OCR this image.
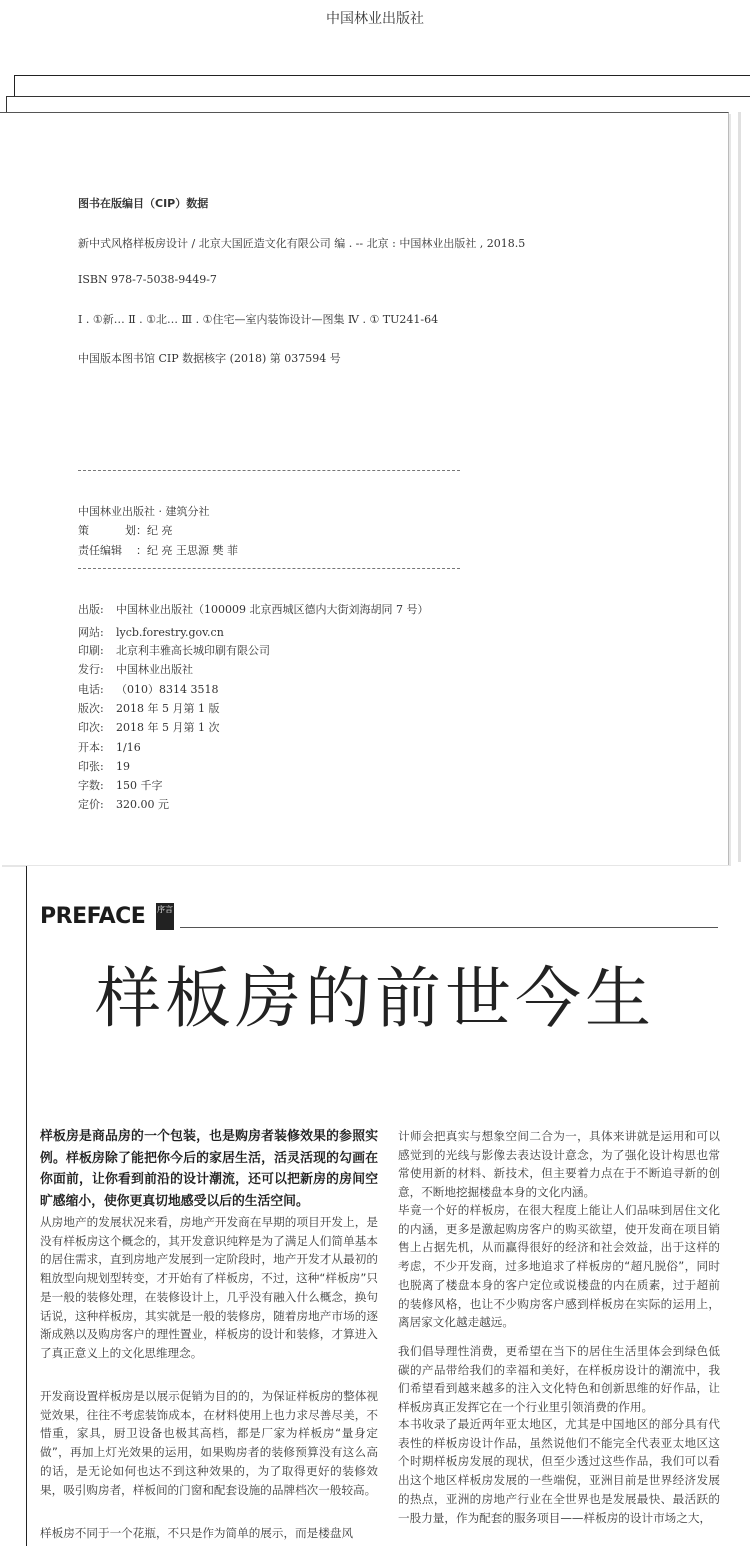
中国林业出版社
图书在版编目（CIP）数据
新中式风格样板房设计 / 北京大国匠造文化有限公司 编 . -- 北京 : 中国林业出版社 , 2018.5
ISBN 978-7-5038-9449-7
Ⅰ . ①新… Ⅱ . ①北… Ⅲ . ①住宅—室内装饰设计—图集 Ⅳ . ① TU241-64
中国版本图书馆 CIP 数据核字 (2018) 第 037594 号
中国林业出版社 · 建筑分社
策 划：纪 亮
责任编辑 ：纪 亮 王思源 樊 菲
出版: 中国林业出版社（100009 北京西城区德内大街刘海胡同 7 号）
网站: lycb.forestry.gov.cn
印刷: 北京利丰雅高长城印刷有限公司
发行: 中国林业出版社
电话: （010）8314 3518
版次: 2018 年 5 月第 1 版
印次: 2018 年 5 月第 1 次
开本: 1/16
印张: 19
字数: 150 千字
定价: 320.00 元
PREFACE 序言
样板房的前世今生
样板房是商品房的一个包装，也是购房者装修效果的参照实例。样板房除了能把你今后的家居生活，活灵活现的勾画在你面前，让你看到前沿的设计潮流，还可以把新房的房间空旷感缩小，使你更真切地感受以后的生活空间。
从房地产的发展状况来看，房地产开发商在早期的项目开发上，是没有样板房这个概念的，其开发意识纯粹是为了满足人们简单基本的居住需求，直到房地产发展到一定阶段时，地产开发才从最初的粗放型向规划型转变，才开始有了样板房，不过，这种“样板房”只是一般的装修处理，在装修设计上，几乎没有融入什么概念，换句话说，这种样板房，其实就是一般的装修房，随着房地产市场的逐渐成熟以及购房客户的理性置业，样板房的设计和装修，才算进入了真正意义上的文化思维理念。
开发商设置样板房是以展示促销为目的的，为保证样板房的整体视觉效果，往往不考虑装饰成本，在材料使用上也力求尽善尽美，不惜重，家具，厨卫设备也极其高档，都是厂家为样板房“量身定做”，再加上灯光效果的运用，如果购房者的装修预算没有这么高的话，是无论如何也达不到这种效果的，为了取得更好的装修效果，吸引购房者，样板间的门窗和配套设施的品牌档次一般较高。
样板房不同于一个花瓶，不只是作为简单的展示，而是楼盘风
计师会把真实与想象空间二合为一，具体来讲就是运用和可以感觉到的光线与影像去表达设计意念，为了强化设计构思也常常使用新的材料、新技术，但主要着力点在于不断追寻新的创意，不断地挖掘楼盘本身的文化内涵。
毕竟一个好的样板房，在很大程度上能让人们品味到居住文化的内涵，更多是激起购房客户的购买欲望，使开发商在项目销售上占据先机，从而赢得很好的经济和社会效益，出于这样的考虑，不少开发商，过多地追求了样板房的“超凡脱俗”，同时也脱离了楼盘本身的客户定位或说楼盘的内在质素，过于超前的装修风格，也让不少购房客户感到样板房在实际的运用上，离居家文化越走越远。
我们倡导理性消费，更希望在当下的居住生活里体会到绿色低碳的产品带给我们的幸福和美好，在样板房设计的潮流中，我们希望看到越来越多的注入文化特色和创新思维的好作品，让样板房真正发挥它在一个行业里引领消费的作用。
本书收录了最近两年亚太地区，尤其是中国地区的部分具有代表性的样板房设计作品，虽然说他们不能完全代表亚太地区这个时期样板房发展的现状，但至少透过这些作品，我们可以看出这个地区样板房发展的一些端倪，亚洲目前是世界经济发展的热点，亚洲的房地产行业在全世界也是发展最快、最活跃的一股力量，作为配套的服务项目——样板房的设计市场之大，
